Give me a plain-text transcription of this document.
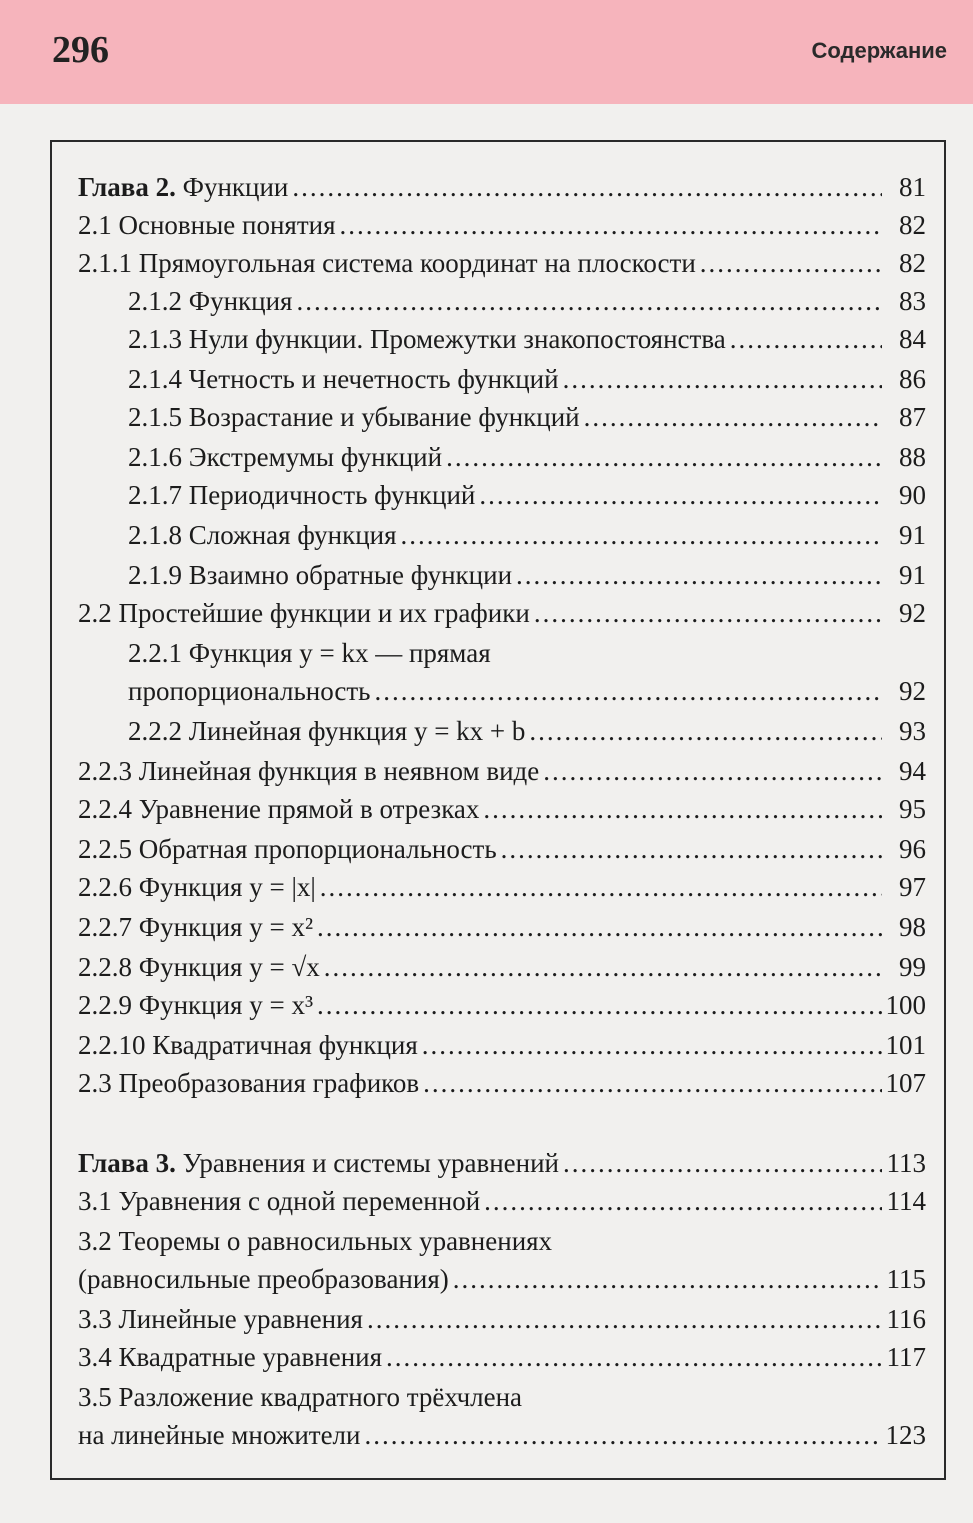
296	Содержание
Глава 2. Функции .....	81
2.1 Основные понятия .....	82
2.1.1 Прямоугольная система координат на плоскости .....	82
2.1.2 Функция .....	83
2.1.3 Нули функции. Промежутки знакопостоянства .....	84
2.1.4 Четность и нечетность функций .....	86
2.1.5 Возрастание и убывание функций .....	87
2.1.6 Экстремумы функций .....	88
2.1.7 Периодичность функций .....	90
2.1.8 Сложная функция .....	91
2.1.9 Взаимно обратные функции .....	91
2.2 Простейшие функции и их графики .....	92
2.2.1 Функция y = kx — прямая
пропорциональность .....	92
2.2.2 Линейная функция y = kx + b .....	93
2.2.3 Линейная функция в неявном виде .....	94
2.2.4 Уравнение прямой в отрезках .....	95
2.2.5 Обратная пропорциональность .....	96
2.2.6 Функция y = |x| .....	97
2.2.7 Функция y = x² .....	98
2.2.8 Функция y = √x .....	99
2.2.9 Функция y = x³ .....	100
2.2.10 Квадратичная функция .....	101
2.3 Преобразования графиков .....	107
Глава 3. Уравнения и системы уравнений .....	113
3.1 Уравнения с одной переменной .....	114
3.2 Теоремы о равносильных уравнениях
(равносильные преобразования) .....	115
3.3 Линейные уравнения .....	116
3.4 Квадратные уравнения .....	117
3.5 Разложение квадратного трёхчлена
на линейные множители .....	123
